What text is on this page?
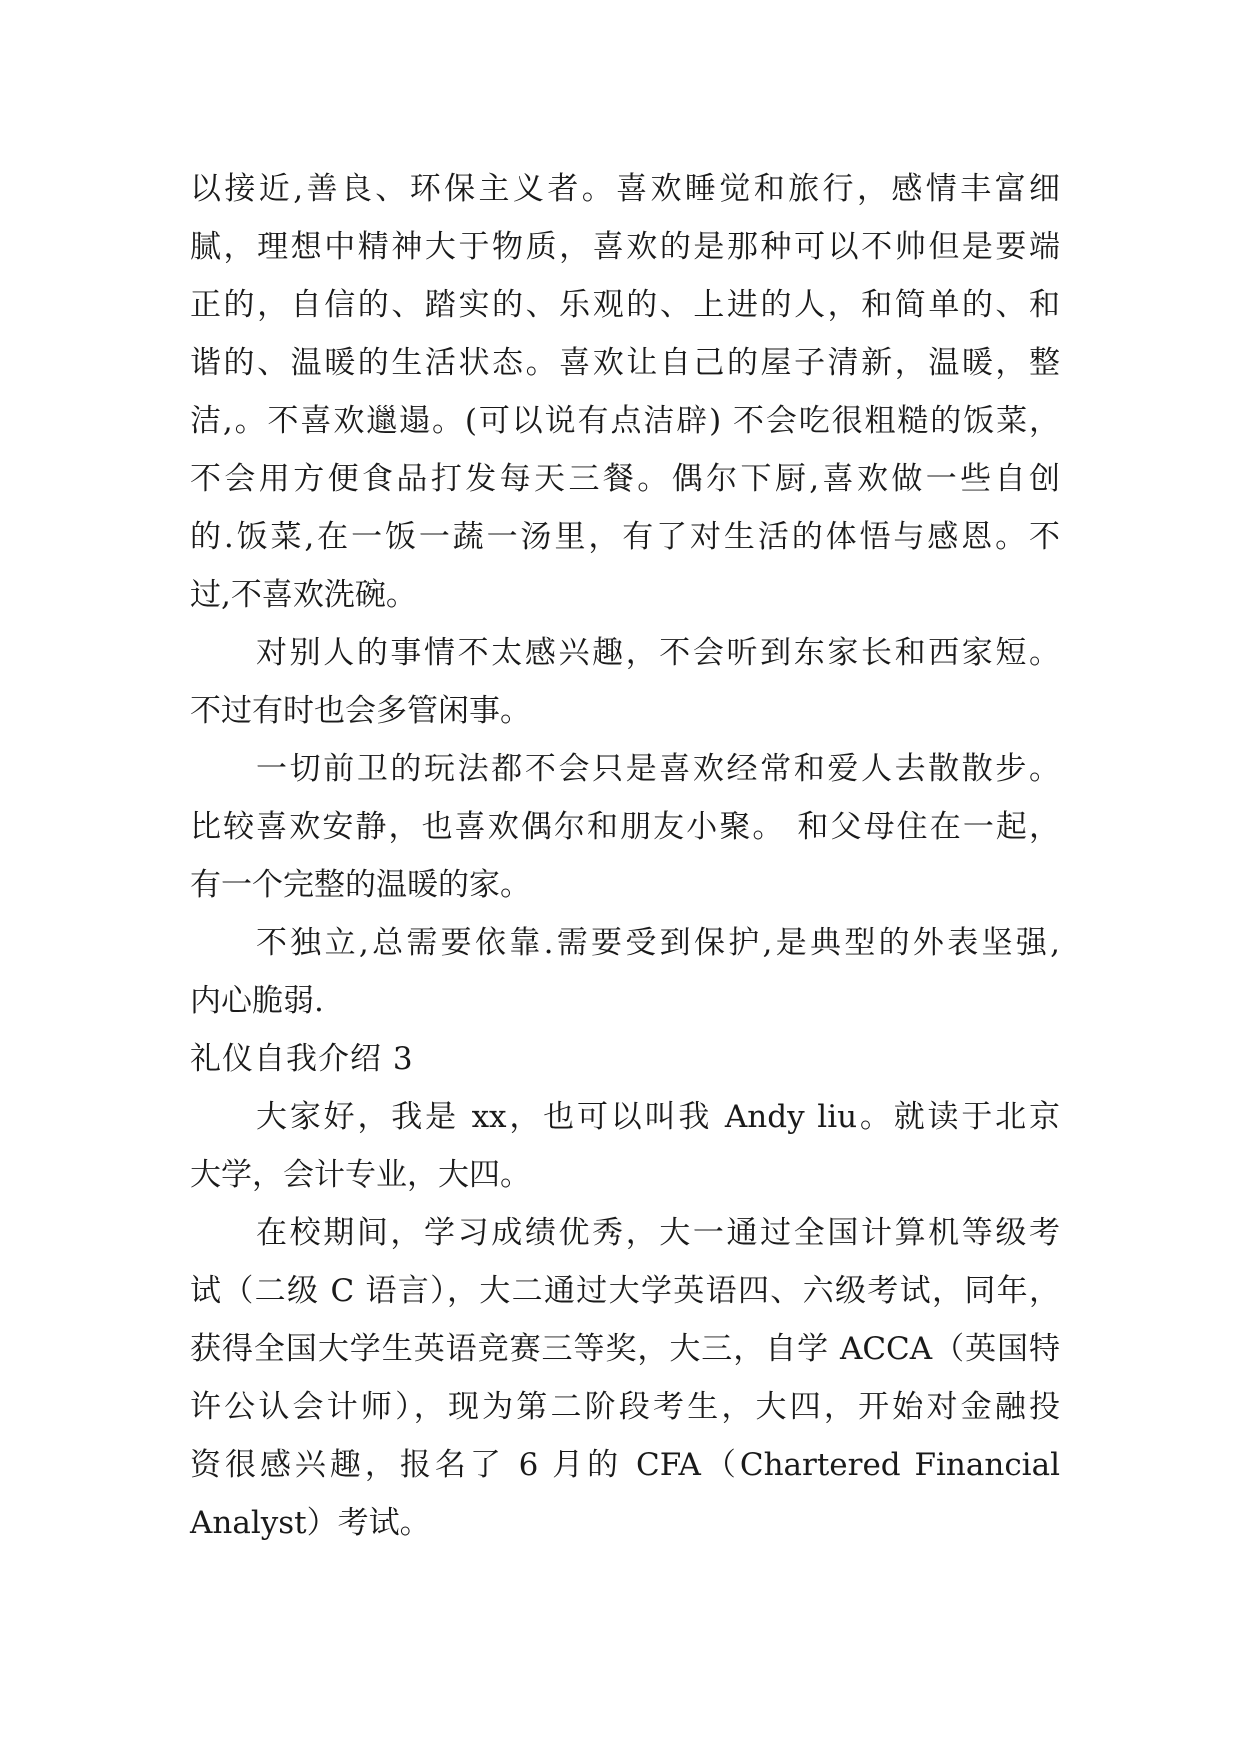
以接近,善良、环保主义者。喜欢睡觉和旅行，感情丰富细
腻，理想中精神大于物质，喜欢的是那种可以不帅但是要端
正的，自信的、踏实的、乐观的、上进的人，和简单的、和
谐的、温暖的生活状态。喜欢让自己的屋子清新，温暖，整
洁,。不喜欢邋遢。(可以说有点洁辟) 不会吃很粗糙的饭菜，
不会用方便食品打发每天三餐。偶尔下厨,喜欢做一些自创
的.饭菜,在一饭一蔬一汤里，有了对生活的体悟与感恩。不
过,不喜欢洗碗。
对别人的事情不太感兴趣，不会听到东家长和西家短。
不过有时也会多管闲事。
一切前卫的玩法都不会只是喜欢经常和爱人去散散步。
比较喜欢安静，也喜欢偶尔和朋友小聚。 和父母住在一起，
有一个完整的温暖的家。
不独立,总需要依靠.需要受到保护,是典型的外表坚强,
内心脆弱.
礼仪自我介绍 3
大家好，我是 xx，也可以叫我 Andy liu。就读于北京
大学，会计专业，大四。
在校期间，学习成绩优秀，大一通过全国计算机等级考
试（二级 C 语言），大二通过大学英语四、六级考试，同年，
获得全国大学生英语竞赛三等奖，大三，自学 ACCA（英国特
许公认会计师），现为第二阶段考生，大四，开始对金融投
资很感兴趣，报名了 6 月的 CFA（Chartered Financial
Analyst）考试。
